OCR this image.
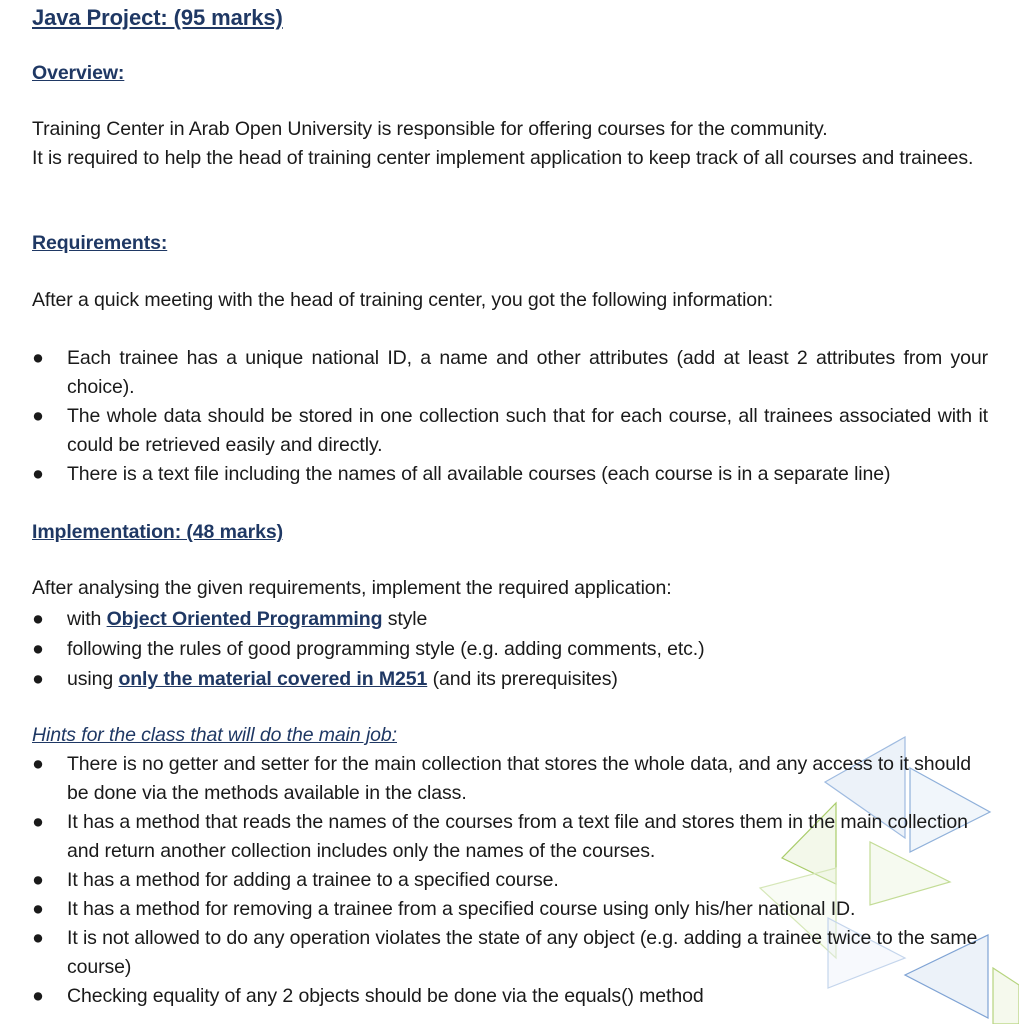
Java Project: (95 marks)
Overview:
Training Center in Arab Open University is responsible for offering courses for the community.
It is required to help the head of training center implement application to keep track of all courses and trainees.
Requirements:
After a quick meeting with the head of training center, you got the following information:
● Each trainee has a unique national ID, a name and other attributes (add at least 2 attributes from your choice).
● The whole data should be stored in one collection such that for each course, all trainees associated with it could be retrieved easily and directly.
● There is a text file including the names of all available courses (each course is in a separate line)
Implementation: (48 marks)
After analysing the given requirements, implement the required application:
● with Object Oriented Programming style
● following the rules of good programming style (e.g. adding comments, etc.)
● using only the material covered in M251 (and its prerequisites)
Hints for the class that will do the main job:
● There is no getter and setter for the main collection that stores the whole data, and any access to it should be done via the methods available in the class.
● It has a method that reads the names of the courses from a text file and stores them in the main collection and return another collection includes only the names of the courses.
● It has a method for adding a trainee to a specified course.
● It has a method for removing a trainee from a specified course using only his/her national ID.
● It is not allowed to do any operation violates the state of any object (e.g. adding a trainee twice to the same course)
● Checking equality of any 2 objects should be done via the equals() method
